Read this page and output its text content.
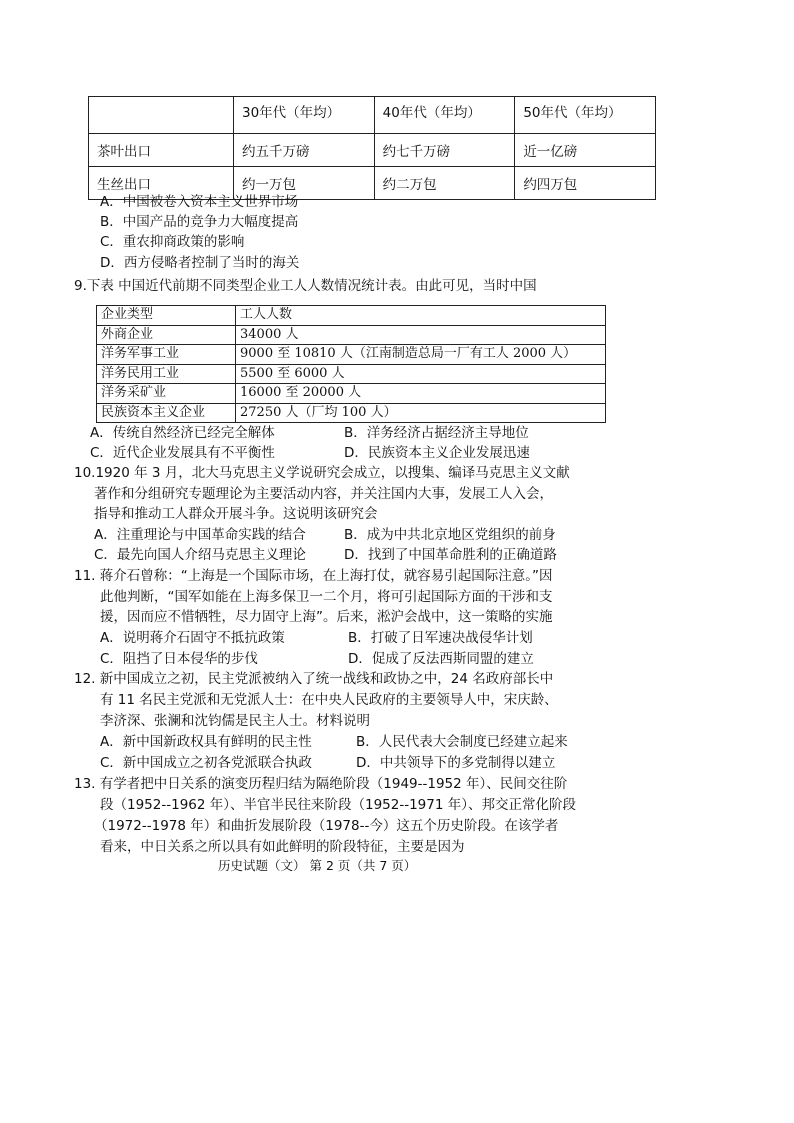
	30年代（年均）	40年代（年均）	50年代（年均）
茶叶出口	约五千万磅	约七千万磅	近一亿磅
生丝出口	约一万包	约二万包	约四万包
A．中国被卷入资本主义世界市场
B．中国产品的竞争力大幅度提高
C．重农抑商政策的影响
D．西方侵略者控制了当时的海关
9.下表 中国近代前期不同类型企业工人人数情况统计表。由此可见，当时中国
企业类型	工人人数
外商企业	34000 人
洋务军事工业	9000 至 10810 人（江南制造总局一厂有工人 2000 人）
洋务民用工业	5500 至 6000 人
洋务采矿业	16000 至 20000 人
民族资本主义企业	27250 人（厂均 100 人）
A．传统自然经济已经完全解体	B．洋务经济占据经济主导地位
C．近代企业发展具有不平衡性	D．民族资本主义企业发展迅速
10.1920 年 3 月，北大马克思主义学说研究会成立，以搜集、编译马克思主义文献
著作和分组研究专题理论为主要活动内容，并关注国内大事，发展工人入会，
指导和推动工人群众开展斗争。这说明该研究会
A．注重理论与中国革命实践的结合	B．成为中共北京地区党组织的前身
C．最先向国人介绍马克思主义理论	D．找到了中国革命胜利的正确道路
11. 蒋介石曾称：“上海是一个国际市场，在上海打仗，就容易引起国际注意。”因
此他判断，“国军如能在上海多保卫一二个月，将可引起国际方面的干涉和支
援，因而应不惜牺牲，尽力固守上海”。后来，淞沪会战中，这一策略的实施
A．说明蒋介石固守不抵抗政策	B．打破了日军速决战侵华计划
C．阻挡了日本侵华的步伐	D．促成了反法西斯同盟的建立
12. 新中国成立之初，民主党派被纳入了统一战线和政协之中，24 名政府部长中
有 11 名民主党派和无党派人士：在中央人民政府的主要领导人中，宋庆龄、
李济深、张澜和沈钧儒是民主人士。材料说明
A．新中国新政权具有鲜明的民主性	B．人民代表大会制度已经建立起来
C．新中国成立之初各党派联合执政	D．中共领导下的多党制得以建立
13. 有学者把中日关系的演变历程归结为隔绝阶段（1949--1952 年）、民间交往阶
段（1952--1962 年）、半官半民往来阶段（1952--1971 年）、邦交正常化阶段
（1972--1978 年）和曲折发展阶段（1978--今）这五个历史阶段。在该学者
看来，中日关系之所以具有如此鲜明的阶段特征，主要是因为
历史试题（文） 第 2 页（共 7 页）
